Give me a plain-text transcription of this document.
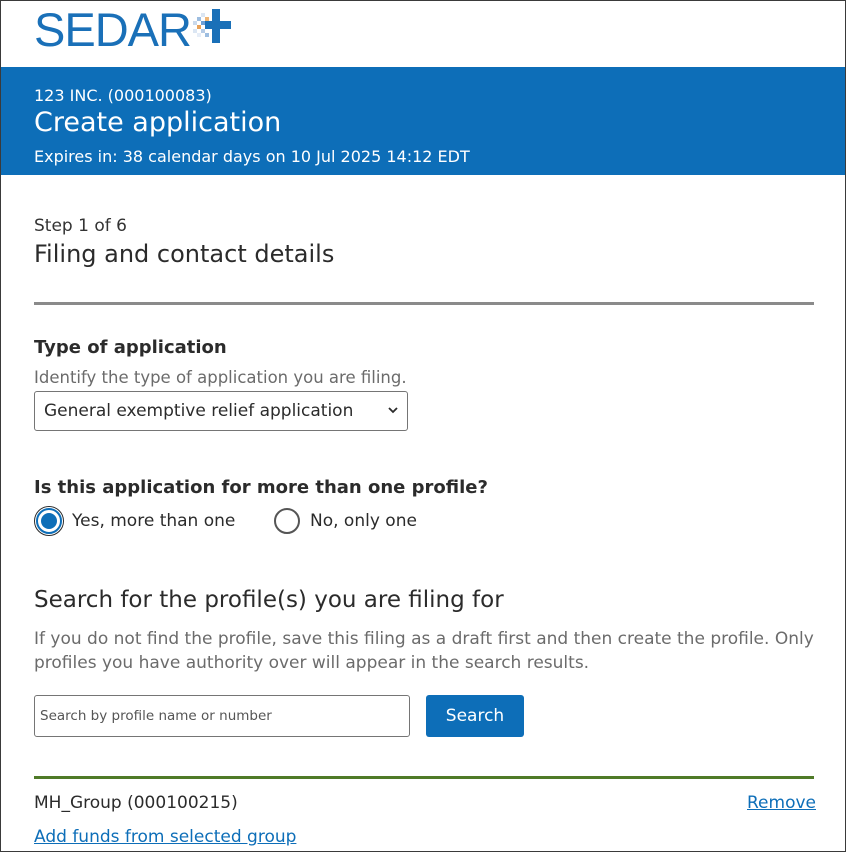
SEDAR
123 INC. (000100083)
Create application
Expires in: 38 calendar days on 10 Jul 2025 14:12 EDT
Step 1 of 6
Filing and contact details
Type of application
Identify the type of application you are filing.
General exemptive relief application
Is this application for more than one profile?
Yes, more than one	No, only one
Search for the profile(s) you are filing for
If you do not find the profile, save this filing as a draft first and then create the profile. Only profiles you have authority over will appear in the search results.
Search by profile name or number
Search
MH_Group (000100215)	Remove
Add funds from selected group
